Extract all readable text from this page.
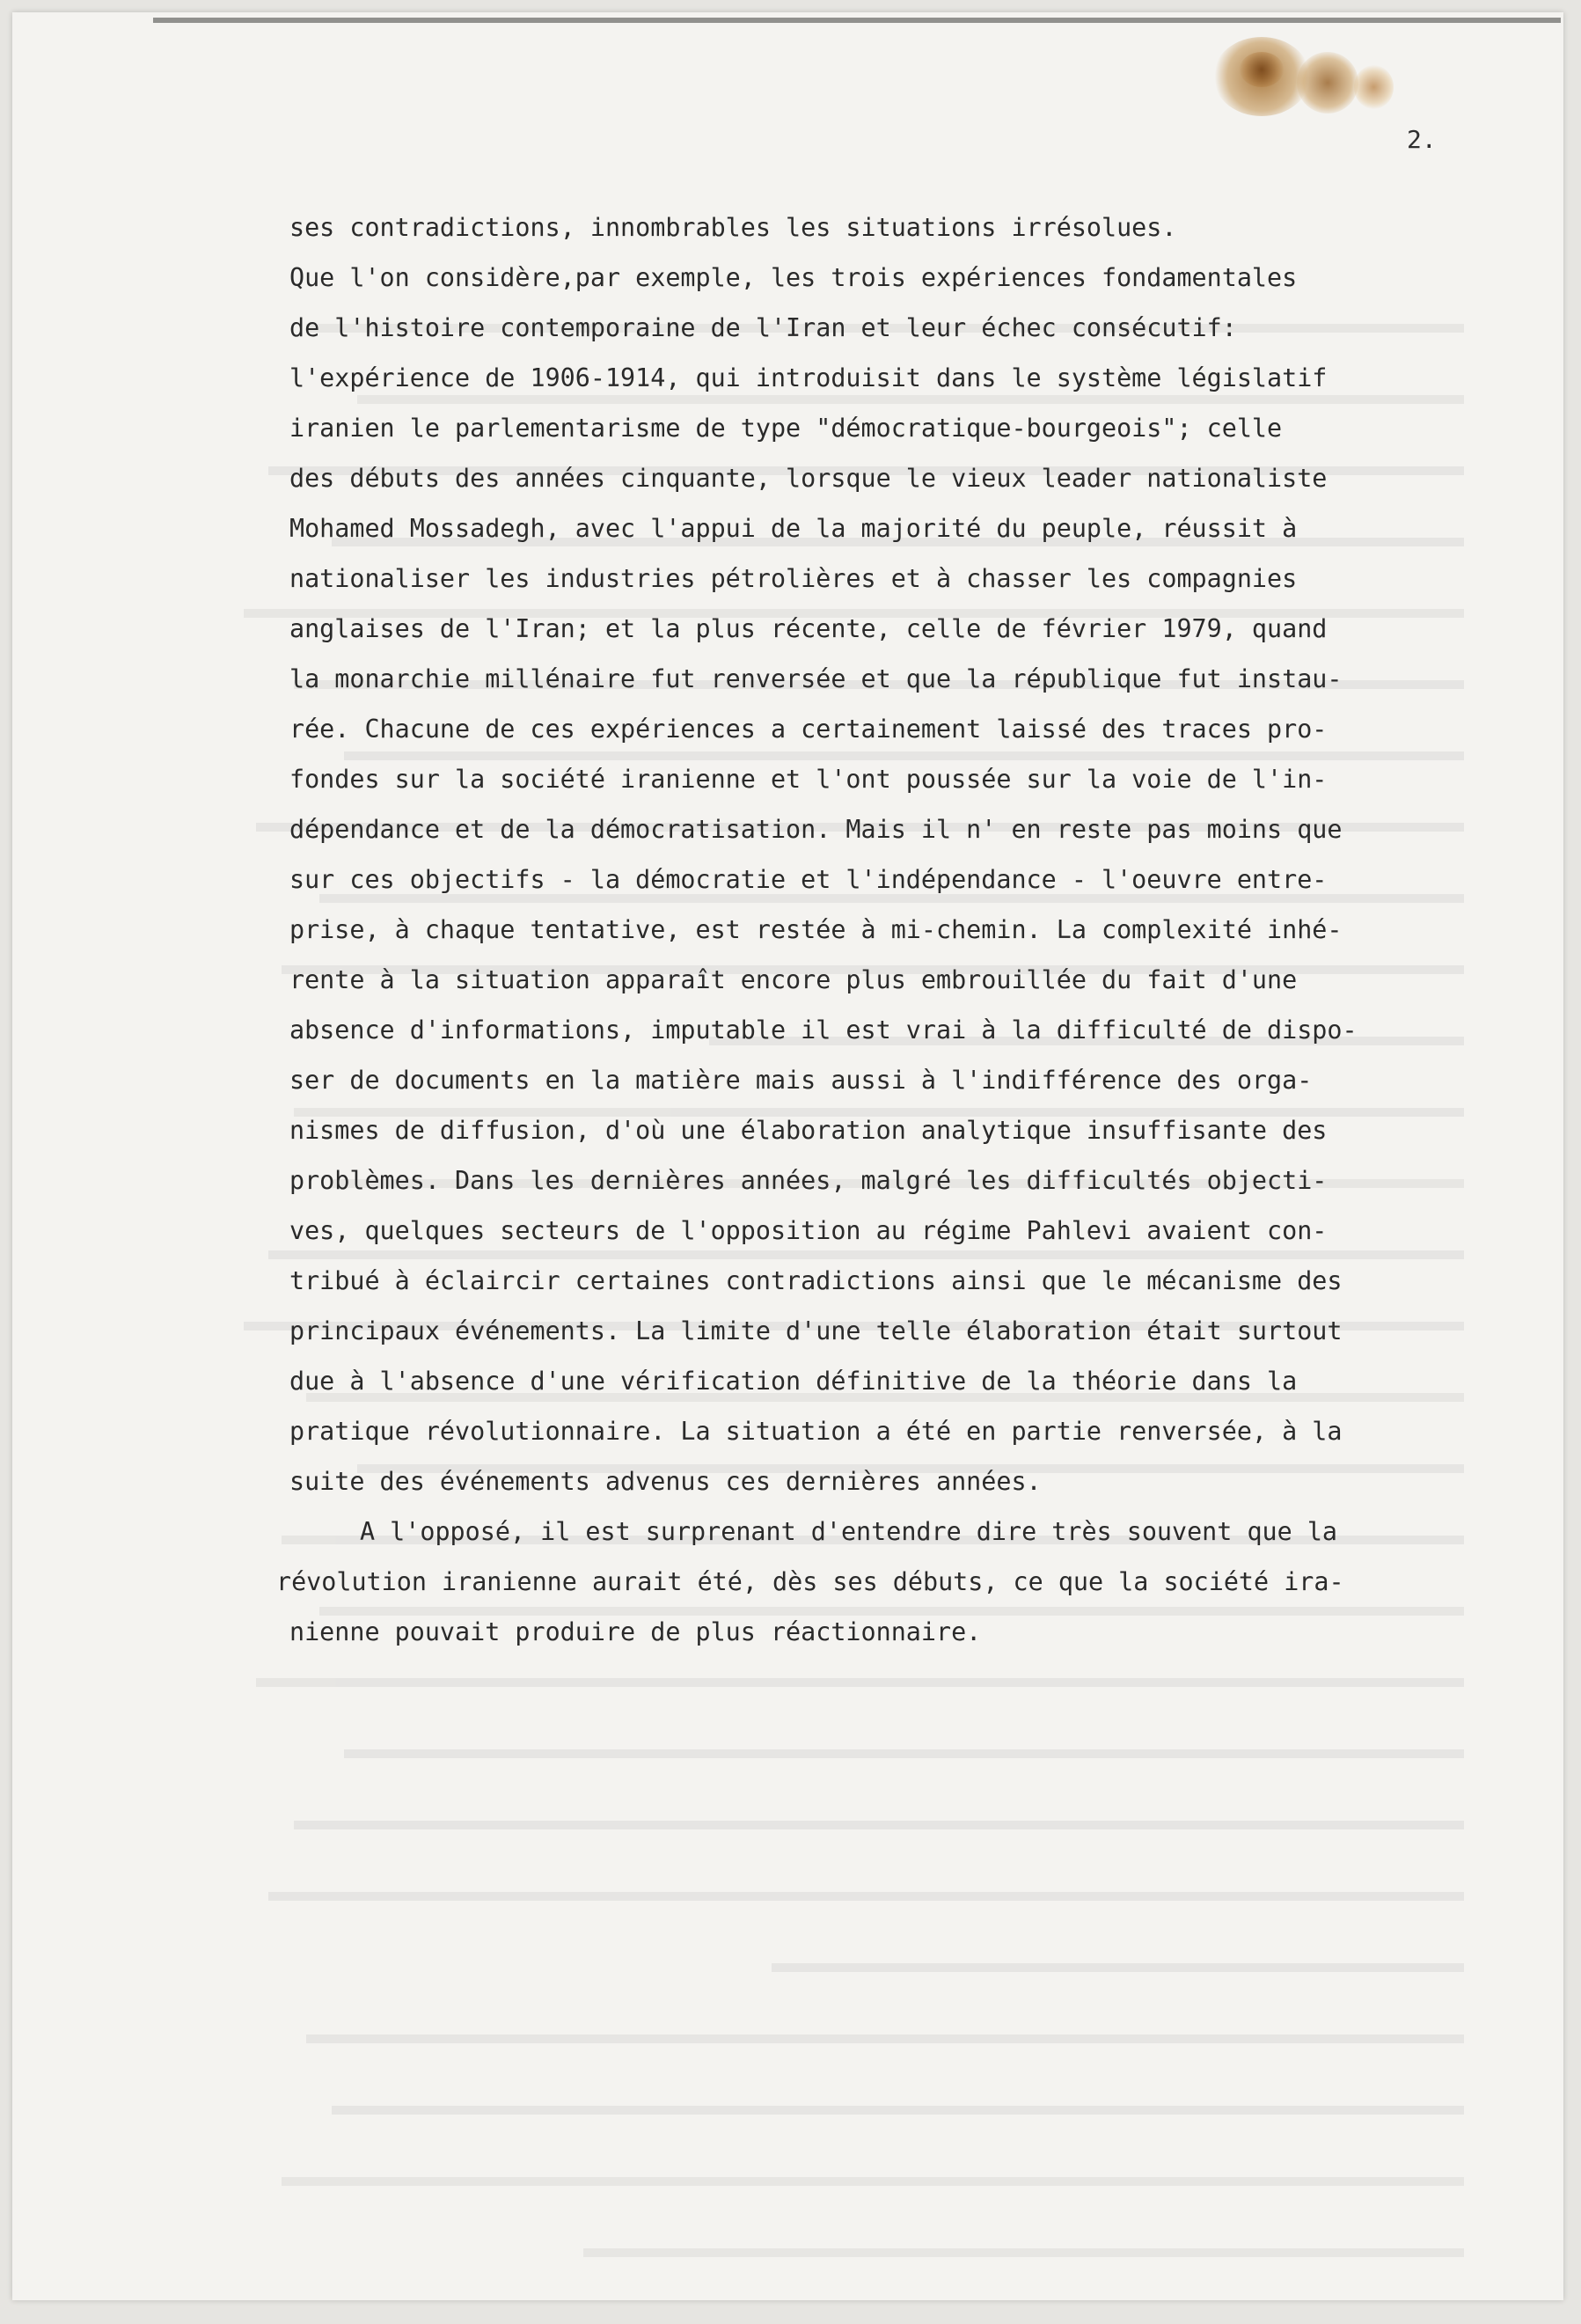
2.
ses contradictions, innombrables les situations irrésolues.
Que l'on considère,par exemple, les trois expériences fondamentales
de l'histoire contemporaine de l'Iran et leur échec consécutif:
l'expérience de 1906-1914, qui introduisit dans le système législatif
iranien le parlementarisme de type "démocratique-bourgeois"; celle
des débuts des années cinquante, lorsque le vieux leader nationaliste
Mohamed Mossadegh, avec l'appui de la majorité du peuple, réussit à
nationaliser les industries pétrolières et à chasser les compagnies
anglaises de l'Iran; et la plus récente, celle de février 1979, quand
la monarchie millénaire fut renversée et que la république fut instau-
rée. Chacune de ces expériences a certainement laissé des traces pro-
fondes sur la société iranienne et l'ont poussée sur la voie de l'in-
dépendance et de la démocratisation. Mais il n' en reste pas moins que
sur ces objectifs - la démocratie et l'indépendance - l'oeuvre entre-
prise, à chaque tentative, est restée à mi-chemin. La complexité inhé-
rente à la situation apparaît encore plus embrouillée du fait d'une
absence d'informations, imputable il est vrai à la difficulté de dispo-
ser de documents en la matière mais aussi à l'indifférence des orga-
nismes de diffusion, d'où une élaboration analytique insuffisante des
problèmes. Dans les dernières années, malgré les difficultés objecti-
ves, quelques secteurs de l'opposition au régime Pahlevi avaient con-
tribué à éclaircir certaines contradictions ainsi que le mécanisme des
principaux événements. La limite d'une telle élaboration était surtout
due à l'absence d'une vérification définitive de la théorie dans la
pratique révolutionnaire. La situation a été en partie renversée, à la
suite des événements advenus ces dernières années.
A l'opposé, il est surprenant d'entendre dire très souvent que la
révolution iranienne aurait été, dès ses débuts, ce que la société ira-
nienne pouvait produire de plus réactionnaire.
